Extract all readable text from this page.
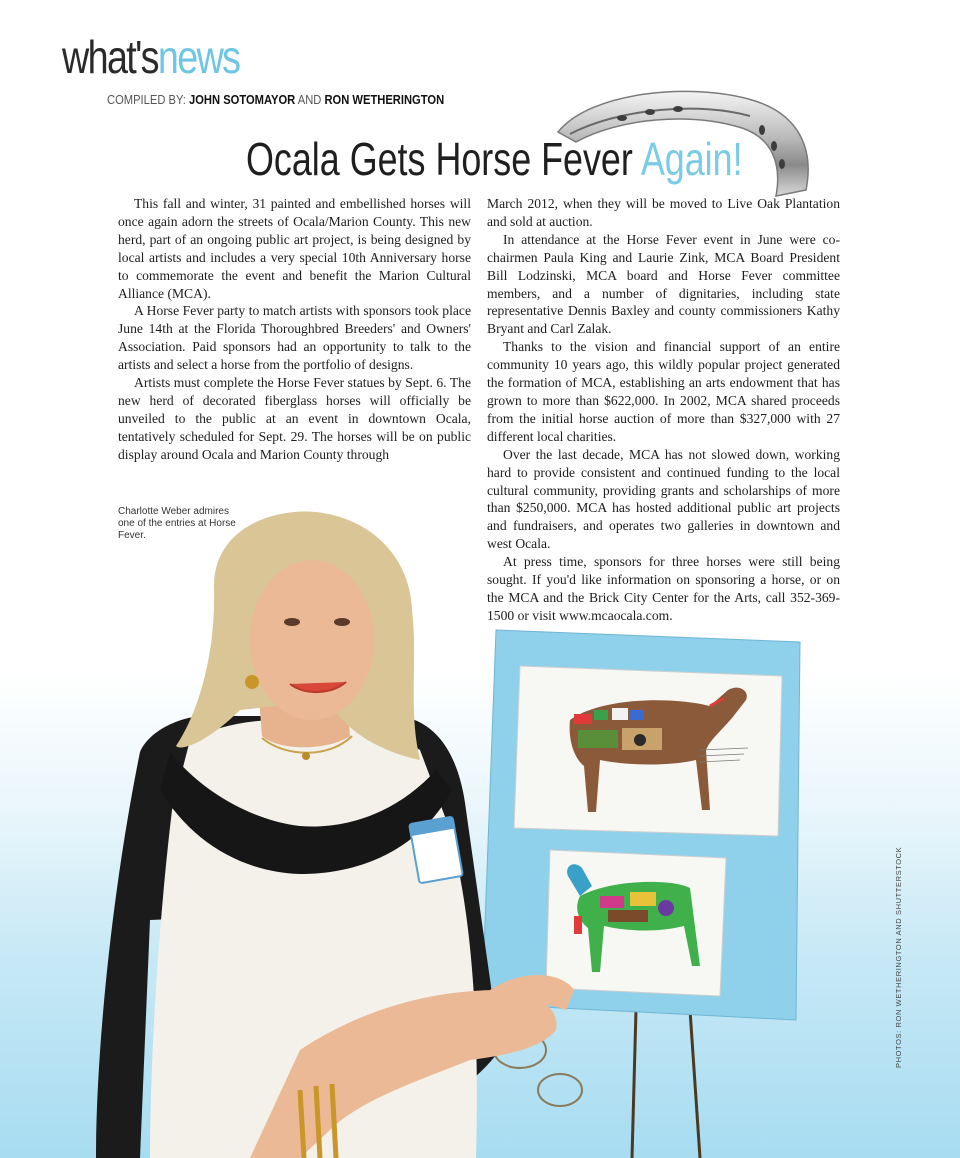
what'snews
COMPILED BY: JOHN SOTOMAYOR AND RON WETHERINGTON
Ocala Gets Horse Fever Again!

This fall and winter, 31 painted and embellished horses will once again adorn the streets of Ocala/Marion County. This new herd, part of an ongoing public art project, is being designed by local artists and includes a very special 10th Anniversary horse to commemorate the event and benefit the Marion Cultural Alliance (MCA).

A Horse Fever party to match artists with sponsors took place June 14th at the Florida Thoroughbred Breeders' and Owners' Association. Paid sponsors had an opportunity to talk to the artists and select a horse from the portfolio of designs.

Artists must complete the Horse Fever statues by Sept. 6. The new herd of decorated fiberglass horses will officially be unveiled to the public at an event in downtown Ocala, tentatively scheduled for Sept. 29. The horses will be on public display around Ocala and Marion County through

March 2012, when they will be moved to Live Oak Plantation and sold at auction.

In attendance at the Horse Fever event in June were co-chairmen Paula King and Laurie Zink, MCA Board President Bill Lodzinski, MCA board and Horse Fever committee members, and a number of dignitaries, including state representative Dennis Baxley and county commissioners Kathy Bryant and Carl Zalak.

Thanks to the vision and financial support of an entire community 10 years ago, this wildly popular project generated the formation of MCA, establishing an arts endowment that has grown to more than $622,000. In 2002, MCA shared proceeds from the initial horse auction of more than $327,000 with 27 different local charities.

Over the last decade, MCA has not slowed down, working hard to provide consistent and continued funding to the local cultural community, providing grants and scholarships of more than $250,000. MCA has hosted additional public art projects and fundraisers, and operates two galleries in downtown and west Ocala.

At press time, sponsors for three horses were still being sought. If you'd like information on sponsoring a horse, or on the MCA and the Brick City Center for the Arts, call 352-369-1500 or visit www.mcaocala.com.

Charlotte Weber admires one of the entries at Horse Fever.
PHOTOS: RON WETHERINGTON AND SHUTTERSTOCK
